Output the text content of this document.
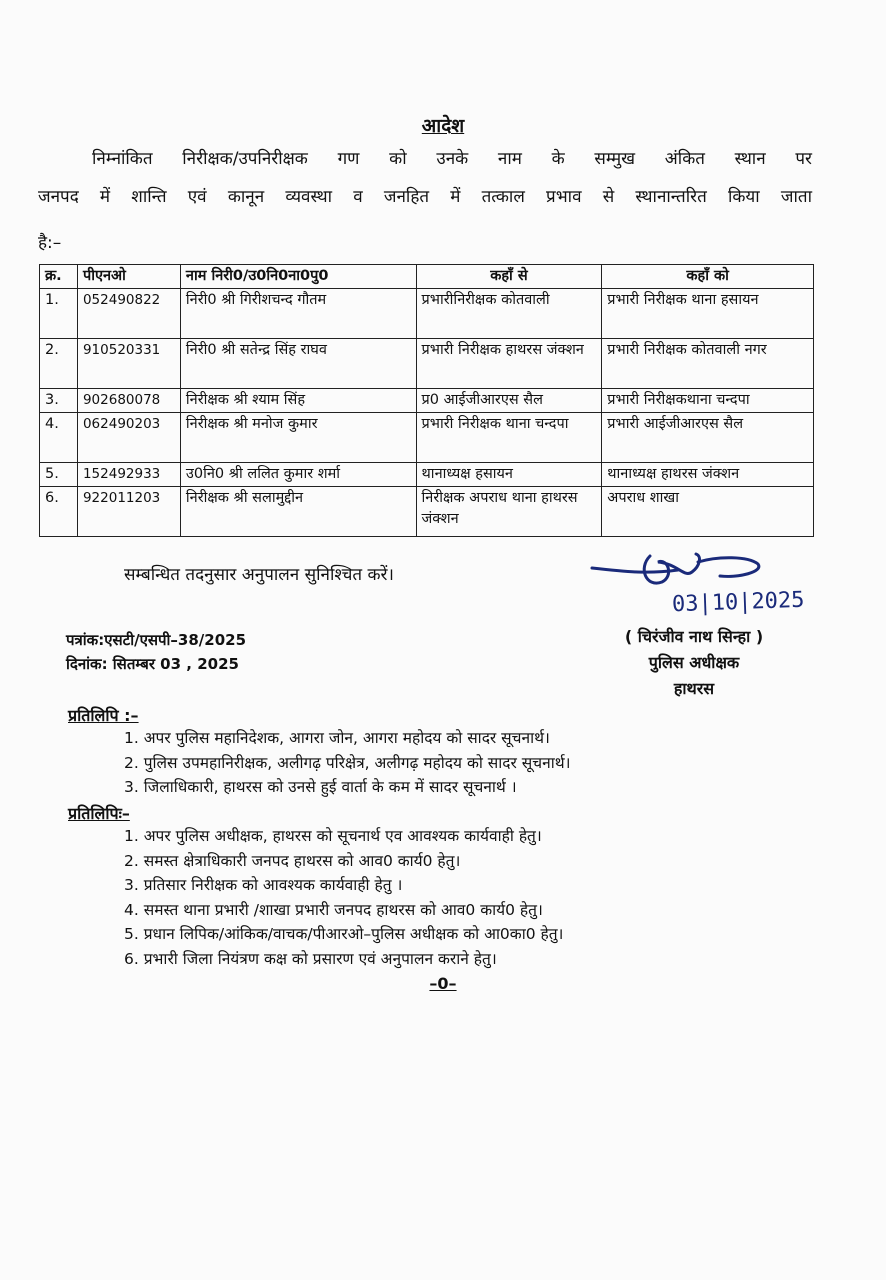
आदेश
निम्नांकित निरीक्षक/उपनिरीक्षक गण को उनके नाम के सम्मुख अंकित स्थान पर
जनपद में शान्ति एवं कानून व्यवस्था व जनहित में तत्काल प्रभाव से स्थानान्तरित किया जाता
है:–
क्र.	पीएनओ	नाम निरी0/उ0नि0ना0पु0	कहाँ से	कहाँ को
1.	052490822	निरी0 श्री गिरीशचन्द गौतम	प्रभारीनिरीक्षक कोतवाली	प्रभारी निरीक्षक थाना हसायन
2.	910520331	निरी0 श्री सतेन्द्र सिंह राघव	प्रभारी निरीक्षक हाथरस जंक्शन	प्रभारी निरीक्षक कोतवाली नगर
3.	902680078	निरीक्षक श्री श्याम सिंह	प्र0 आईजीआरएस सैल	प्रभारी निरीक्षकथाना चन्दपा
4.	062490203	निरीक्षक श्री मनोज कुमार	प्रभारी निरीक्षक थाना चन्दपा	प्रभारी आईजीआरएस सैल
5.	152492933	उ0नि0 श्री ललित कुमार शर्मा	थानाध्यक्ष हसायन	थानाध्यक्ष हाथरस जंक्शन
6.	922011203	निरीक्षक श्री सलामुद्दीन	निरीक्षक अपराध थाना हाथरस जंक्शन	अपराध शाखा
सम्बन्धित तदनुसार अनुपालन सुनिश्चित करें।
03|10|2025
पत्रांक:एसटी/एसपी–38/2025
दिनांक: सितम्बर 03 , 2025
( चिरंजीव नाथ सिन्हा )
पुलिस अधीक्षक
हाथरस
प्रतिलिपि :–
1. अपर पुलिस महानिदेशक, आगरा जोन, आगरा महोदय को सादर सूचनार्थ।
2. पुलिस उपमहानिरीक्षक, अलीगढ़ परिक्षेत्र, अलीगढ़ महोदय को सादर सूचनार्थ।
3. जिलाधिकारी, हाथरस को उनसे हुई वार्ता के कम में सादर सूचनार्थ ।
प्रतिलिपिः–
1. अपर पुलिस अधीक्षक, हाथरस को सूचनार्थ एव आवश्यक कार्यवाही हेतु।
2. समस्त क्षेत्राधिकारी जनपद हाथरस को आव0 कार्य0 हेतु।
3. प्रतिसार निरीक्षक को आवश्यक कार्यवाही हेतु ।
4. समस्त थाना प्रभारी /शाखा प्रभारी जनपद हाथरस को आव0 कार्य0 हेतु।
5. प्रधान लिपिक/आंकिक/वाचक/पीआरओ–पुलिस अधीक्षक को आ0का0 हेतु।
6. प्रभारी जिला नियंत्रण कक्ष को प्रसारण एवं अनुपालन कराने हेतु।
–0–
